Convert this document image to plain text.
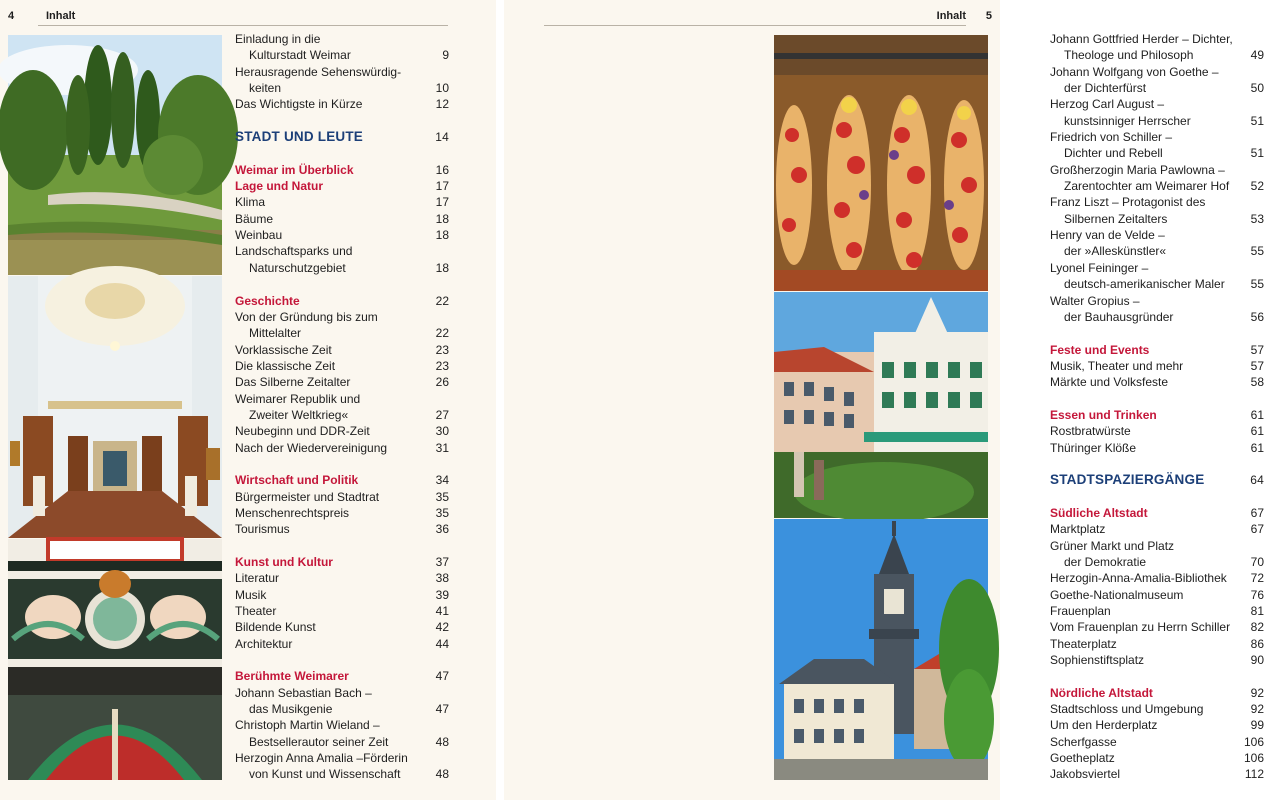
4	Inhalt
Einladung in die
Kulturstadt Weimar	9
Herausragende Sehenswürdig-
keiten	10
Das Wichtigste in Kürze	12
STADT UND LEUTE	14
Weimar im Überblick	16
Lage und Natur	17
Klima	17
Bäume	18
Weinbau	18
Landschaftsparks und
Naturschutzgebiet	18
Geschichte	22
Von der Gründung bis zum
Mittelalter	22
Vorklassische Zeit	23
Die klassische Zeit	23
Das Silberne Zeitalter	26
Weimarer Republik und
Zweiter Weltkrieg«	27
Neubeginn und DDR-Zeit	30
Nach der Wiedervereinigung	31
Wirtschaft und Politik	34
Bürgermeister und Stadtrat	35
Menschenrechtspreis	35
Tourismus	36
Kunst und Kultur	37
Literatur	38
Musik	39
Theater	41
Bildende Kunst	42
Architektur	44
Berühmte Weimarer	47
Johann Sebastian Bach –
das Musikgenie	47
Christoph Martin Wieland –
Bestsellerautor seiner Zeit	48
Herzogin Anna Amalia –Förderin
von Kunst und Wissenschaft	48
Inhalt 5
Johann Gottfried Herder – Dichter,
Theologe und Philosoph	49
Johann Wolfgang von Goethe –
der Dichterfürst	50
Herzog Carl August –
kunstsinniger Herrscher	51
Friedrich von Schiller –
Dichter und Rebell	51
Großherzogin Maria Pawlowna –
Zarentochter am Weimarer Hof	52
Franz Liszt – Protagonist des
Silbernen Zeitalters	53
Henry van de Velde –
der »Alleskünstler«	55
Lyonel Feininger –
deutsch-amerikanischer Maler	55
Walter Gropius –
der Bauhausgründer	56
Feste und Events	57
Musik, Theater und mehr	57
Märkte und Volksfeste	58
Essen und Trinken	61
Rostbratwürste	61
Thüringer Klöße	61
STADTSPAZIERGÄNGE	64
Südliche Altstadt	67
Marktplatz	67
Grüner Markt und Platz
der Demokratie	70
Herzogin-Anna-Amalia-Bibliothek	72
Goethe-Nationalmuseum	76
Frauenplan	81
Vom Frauenplan zu Herrn Schiller	82
Theaterplatz	86
Sophienstiftsplatz	90
Nördliche Altstadt	92
Stadtschloss und Umgebung	92
Um den Herderplatz	99
Scherfgasse	106
Goetheplatz	106
Jakobsviertel	112
